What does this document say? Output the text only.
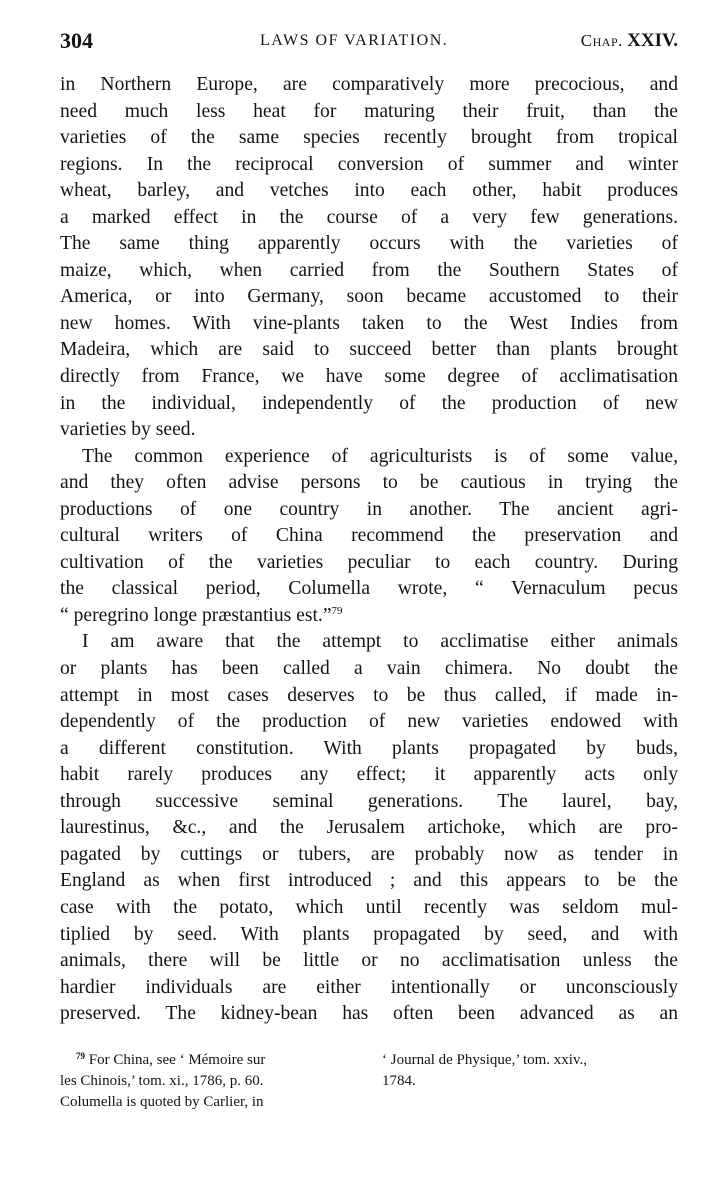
304	LAWS OF VARIATION.	Chap. XXIV.
in Northern Europe, are comparatively more precocious, and
need much less heat for maturing their fruit, than the
varieties of the same species recently brought from tropical
regions. In the reciprocal conversion of summer and winter
wheat, barley, and vetches into each other, habit produces
a marked effect in the course of a very few generations.
The same thing apparently occurs with the varieties of
maize, which, when carried from the Southern States of
America, or into Germany, soon became accustomed to their
new homes. With vine-plants taken to the West Indies from
Madeira, which are said to succeed better than plants brought
directly from France, we have some degree of acclimatisation
in the individual, independently of the production of new
varieties by seed.
The common experience of agriculturists is of some value,
and they often advise persons to be cautious in trying the
productions of one country in another. The ancient agri-
cultural writers of China recommend the preservation and
cultivation of the varieties peculiar to each country. During
the classical period, Columella wrote, “ Vernaculum pecus
“ peregrino longe præstantius est.”$^{79}$
I am aware that the attempt to acclimatise either animals
or plants has been called a vain chimera. No doubt the
attempt in most cases deserves to be thus called, if made in-
dependently of the production of new varieties endowed with
a different constitution. With plants propagated by buds,
habit rarely produces any effect; it apparently acts only
through successive seminal generations. The laurel, bay,
laurestinus, &c., and the Jerusalem artichoke, which are pro-
pagated by cuttings or tubers, are probably now as tender in
England as when first introduced ; and this appears to be the
case with the potato, which until recently was seldom mul-
tiplied by seed. With plants propagated by seed, and with
animals, there will be little or no acclimatisation unless the
hardier individuals are either intentionally or unconsciously
preserved. The kidney-bean has often been advanced as an
$^{79}$ For China, see ‘ Mémoire sur
les Chinois,’ tom. xi., 1786, p. 60.
Columella is quoted by Carlier, in
‘ Journal de Physique,’ tom. xxiv.,
1784.
